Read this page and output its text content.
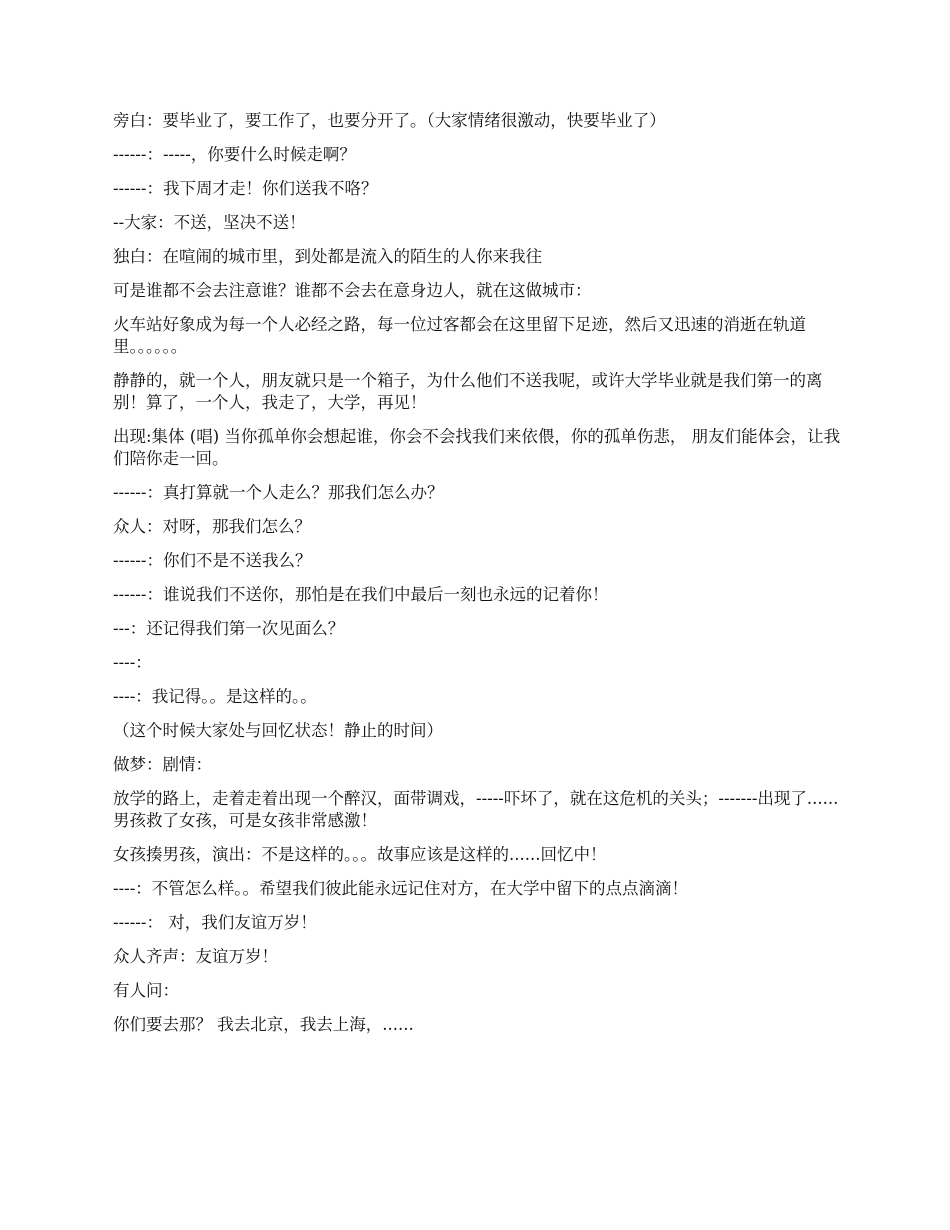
旁白：要毕业了，要工作了，也要分开了。（大家情绪很激动，快要毕业了）

------：-----，你要什么时候走啊？

------：我下周才走！你们送我不咯？

--大家：不送，坚决不送！

独白：在喧闹的城市里，到处都是流入的陌生的人你来我往

可是谁都不会去注意谁？谁都不会去在意身边人，就在这做城市：

火车站好象成为每一个人必经之路，每一位过客都会在这里留下足迹，然后又迅速的消逝在轨道里。。。。。。

静静的，就一个人，朋友就只是一个箱子，为什么他们不送我呢，或许大学毕业就是我们第一的离别！算了，一个人，我走了，大学，再见！

出现:集体 (唱) 当你孤单你会想起谁，你会不会找我们来依偎，你的孤单伤悲， 朋友们能体会，让我们陪你走一回。

------：真打算就一个人走么？那我们怎么办？

众人：对呀，那我们怎么？

------：你们不是不送我么？

------：谁说我们不送你，那怕是在我们中最后一刻也永远的记着你！

---：还记得我们第一次见面么？

----：

----：我记得。。是这样的。。

（这个时候大家处与回忆状态！静止的时间）

做梦：剧情：

放学的路上，走着走着出现一个醉汉，面带调戏，-----吓坏了，就在这危机的关头；-------出现了......男孩救了女孩，可是女孩非常感激！

女孩揍男孩，演出：不是这样的。。。故事应该是这样的......回忆中！

----：不管怎么样。。希望我们彼此能永远记住对方，在大学中留下的点点滴滴！

------： 对，我们友谊万岁！

众人齐声：友谊万岁！

有人问：

你们要去那？ 我去北京，我去上海，......
